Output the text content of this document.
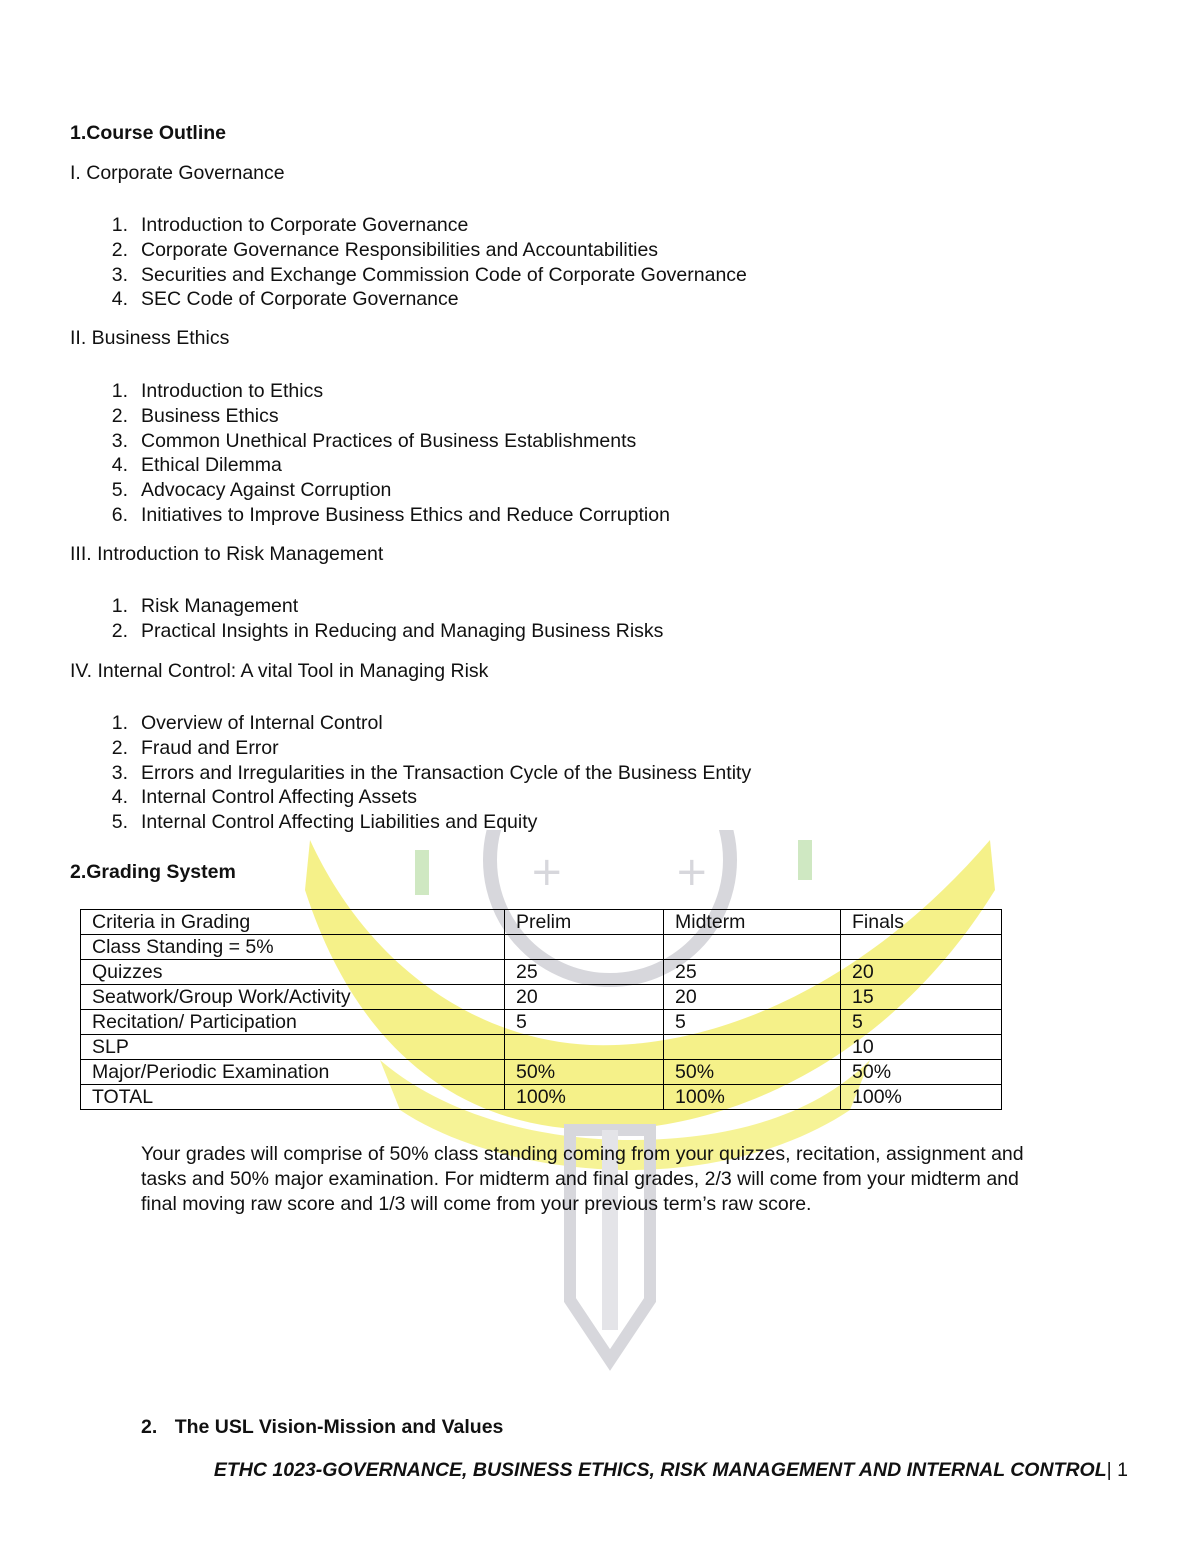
+	+
1.Course Outline
I. Corporate Governance
1. Introduction to Corporate Governance
2. Corporate Governance Responsibilities and Accountabilities
3. Securities and Exchange Commission Code of Corporate Governance
4. SEC Code of Corporate Governance
II. Business Ethics
1. Introduction to Ethics
2. Business Ethics
3. Common Unethical Practices of Business Establishments
4. Ethical Dilemma
5. Advocacy Against Corruption
6. Initiatives to Improve Business Ethics and Reduce Corruption
III. Introduction to Risk Management
1. Risk Management
2. Practical Insights in Reducing and Managing Business Risks
IV. Internal Control: A vital Tool in Managing Risk
1. Overview of Internal Control
2. Fraud and Error
3. Errors and Irregularities in the Transaction Cycle of the Business Entity
4. Internal Control Affecting Assets
5. Internal Control Affecting Liabilities and Equity
2.Grading System
Criteria in Grading	Prelim	Midterm	Finals
Class Standing = 5%			
Quizzes	25	25	20
Seatwork/Group Work/Activity	20	20	15
Recitation/ Participation	5	5	5
SLP			10
Major/Periodic Examination	50%	50%	50%
TOTAL	100%	100%	100%
Your grades will comprise of 50% class standing coming from your quizzes, recitation, assignment and
tasks and 50% major examination. For midterm and final grades, 2/3 will come from your midterm and
final moving raw score and 1/3 will come from your previous term’s raw score.
2. The USL Vision-Mission and Values
ETHC 1023-GOVERNANCE, BUSINESS ETHICS, RISK MANAGEMENT AND INTERNAL CONTROL| 1
